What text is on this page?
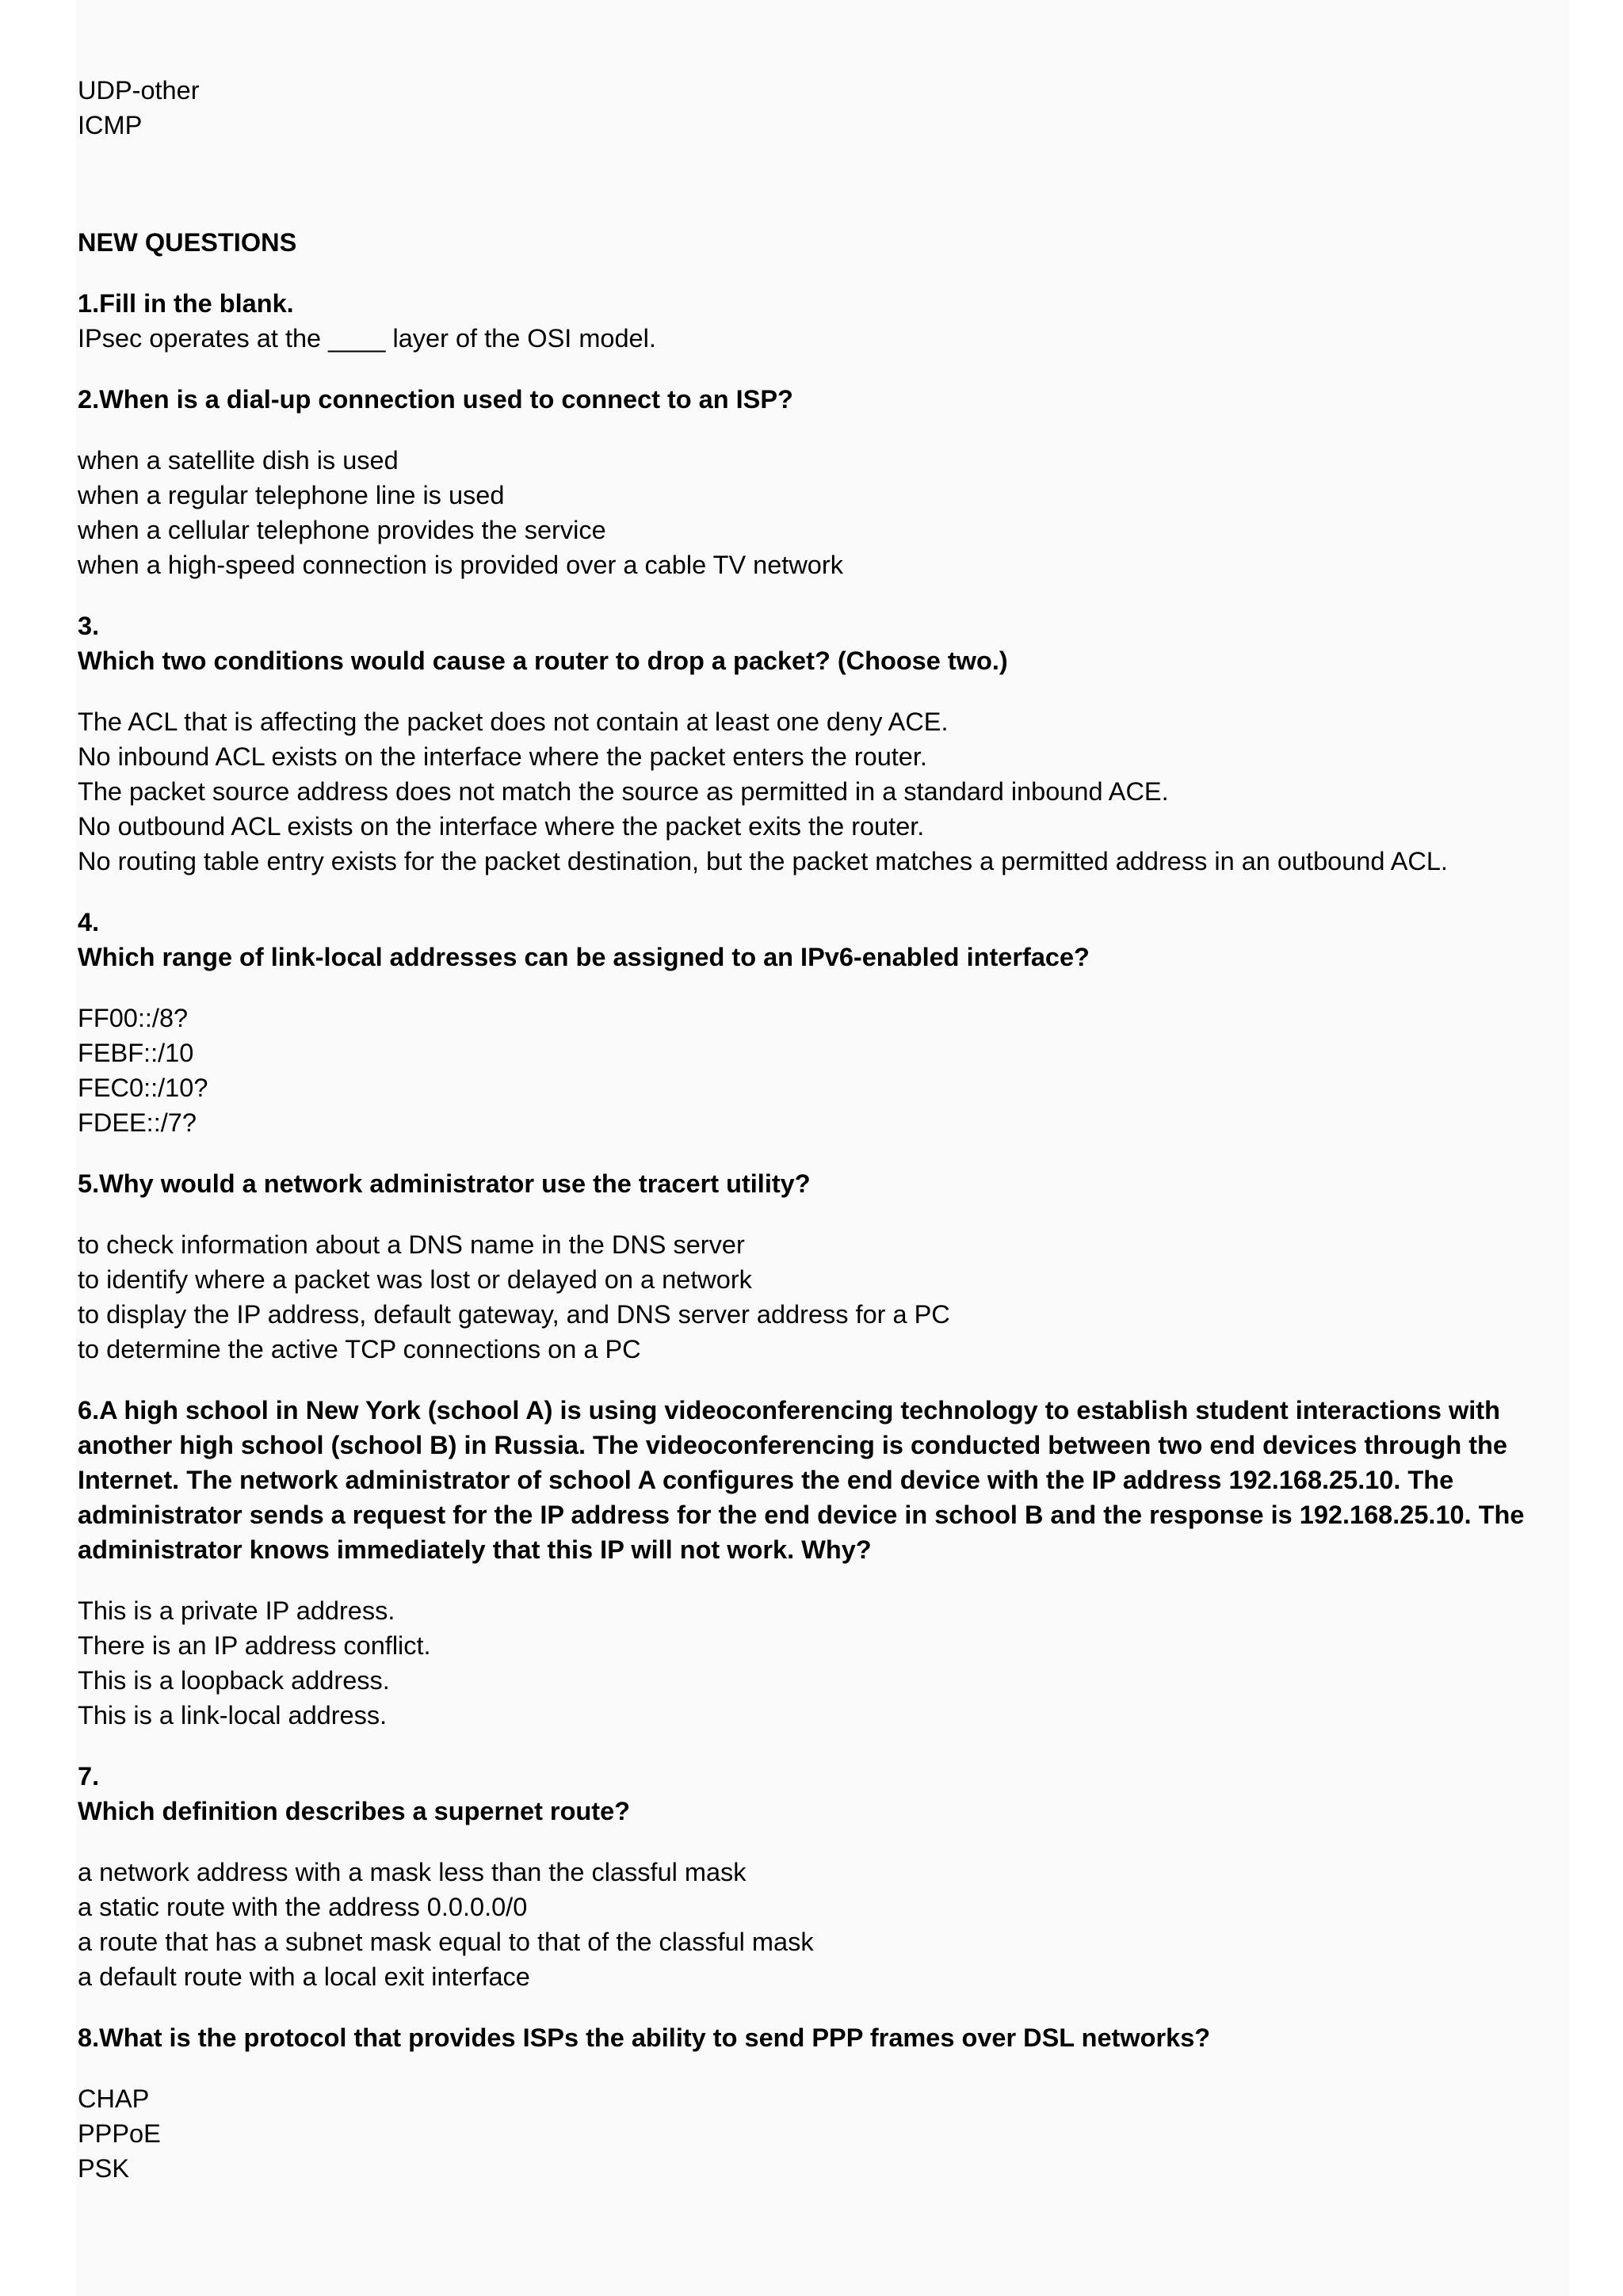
UDP-other
ICMP
NEW QUESTIONS
1.Fill in the blank.
IPsec operates at the ____ layer of the OSI model.
2.When is a dial-up connection used to connect to an ISP?
when a satellite dish is used
when a regular telephone line is used
when a cellular telephone provides the service
when a high-speed connection is provided over a cable TV network
3.
Which two conditions would cause a router to drop a packet? (Choose two.)
The ACL that is affecting the packet does not contain at least one deny ACE.
No inbound ACL exists on the interface where the packet enters the router.
The packet source address does not match the source as permitted in a standard inbound ACE.
No outbound ACL exists on the interface where the packet exits the router.
No routing table entry exists for the packet destination, but the packet matches a permitted address in an outbound ACL.
4.
Which range of link-local addresses can be assigned to an IPv6-enabled interface?
FF00::/8?
FEBF::/10
FEC0::/10?
FDEE::/7?
5.Why would a network administrator use the tracert utility?
to check information about a DNS name in the DNS server
to identify where a packet was lost or delayed on a network
to display the IP address, default gateway, and DNS server address for a PC
to determine the active TCP connections on a PC
6.A high school in New York (school A) is using videoconferencing technology to establish student interactions with
another high school (school B) in Russia. The videoconferencing is conducted between two end devices through the
Internet. The network administrator of school A configures the end device with the IP address 192.168.25.10. The
administrator sends a request for the IP address for the end device in school B and the response is 192.168.25.10. The
administrator knows immediately that this IP will not work. Why?
This is a private IP address.
There is an IP address conflict.
This is a loopback address.
This is a link-local address.
7.
Which definition describes a supernet route?
a network address with a mask less than the classful mask
a static route with the address 0.0.0.0/0
a route that has a subnet mask equal to that of the classful mask
a default route with a local exit interface
8.What is the protocol that provides ISPs the ability to send PPP frames over DSL networks?
CHAP
PPPoE
PSK
